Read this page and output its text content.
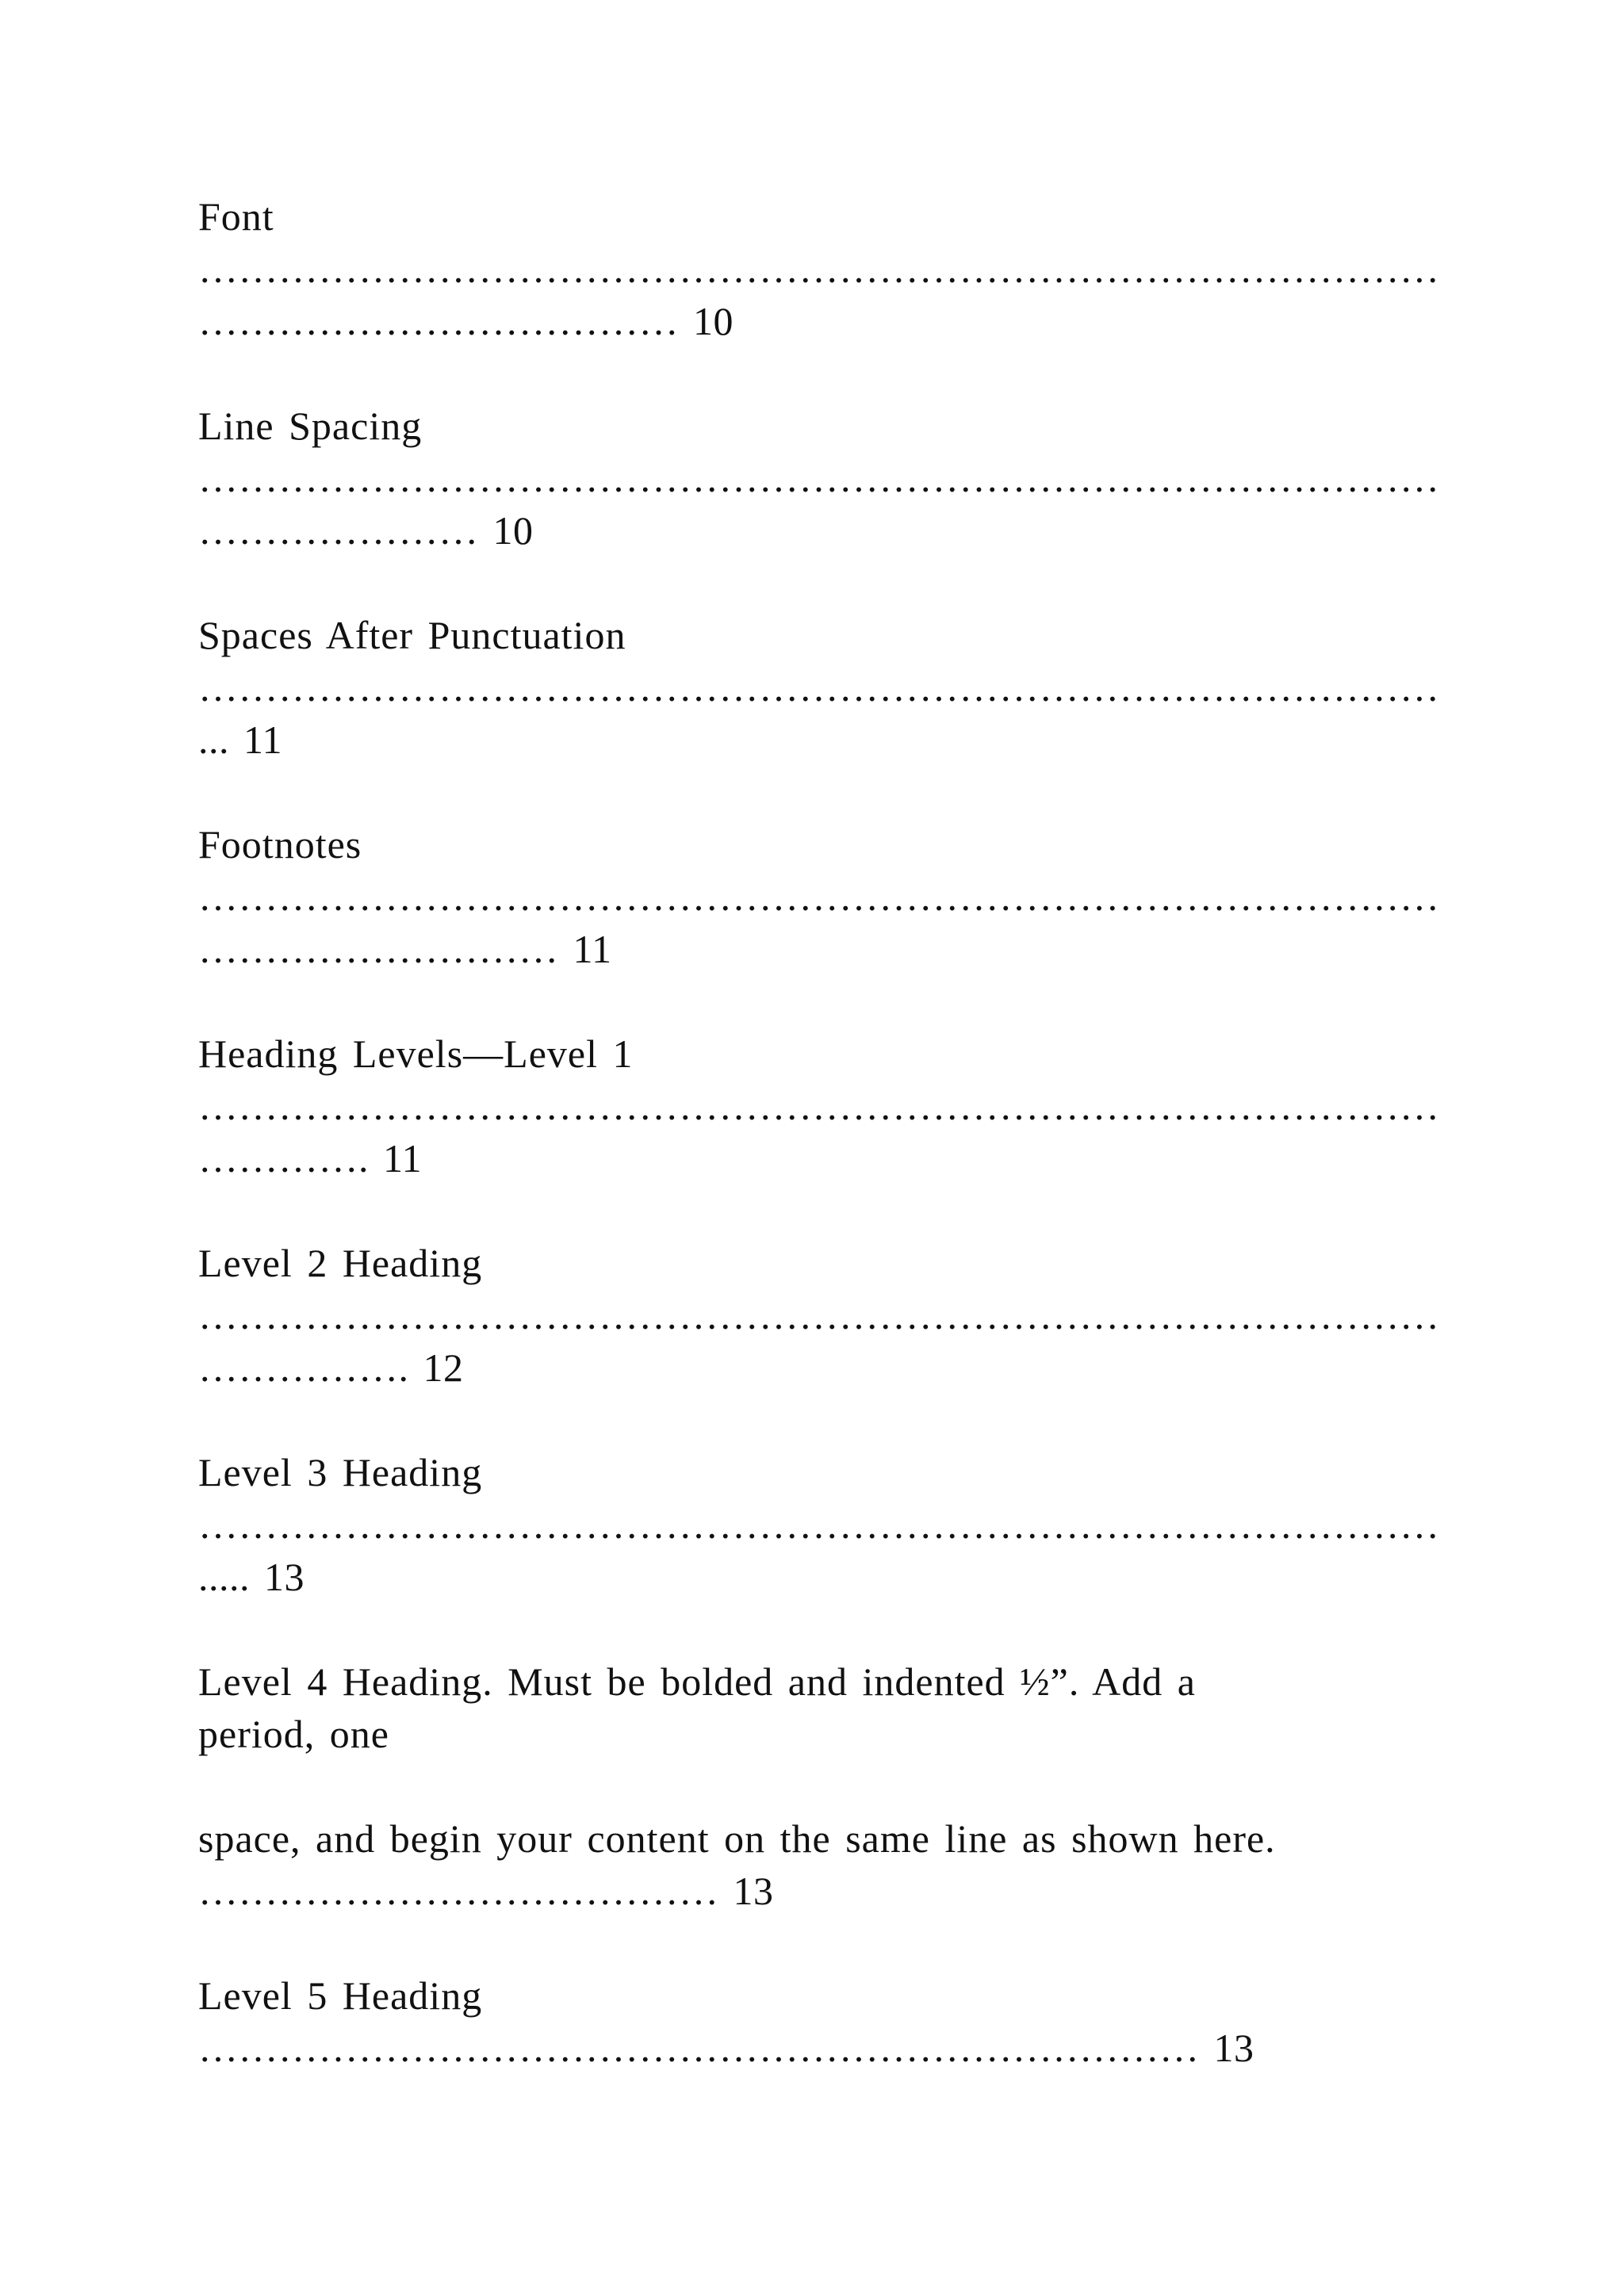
Font
…………………………………………………………………………………
……………………………… 10
Line Spacing
…………………………………………………………………………………
………………… 10
Spaces After Punctuation
…………………………………………………………………………………
... 11
Footnotes
…………………………………………………………………………………
……………………… 11
Heading Levels—Level 1
…………………………………………………………………………………
…………. 11
Level 2 Heading
…………………………………………………………………………………
……………. 12
Level 3 Heading
…………………………………………………………………………………
..... 13
Level 4 Heading. Must be bolded and indented ½”. Add a
period, one
space, and begin your content on the same line as shown here.
………………………………… 13
Level 5 Heading
………………………………………………………………… 13
